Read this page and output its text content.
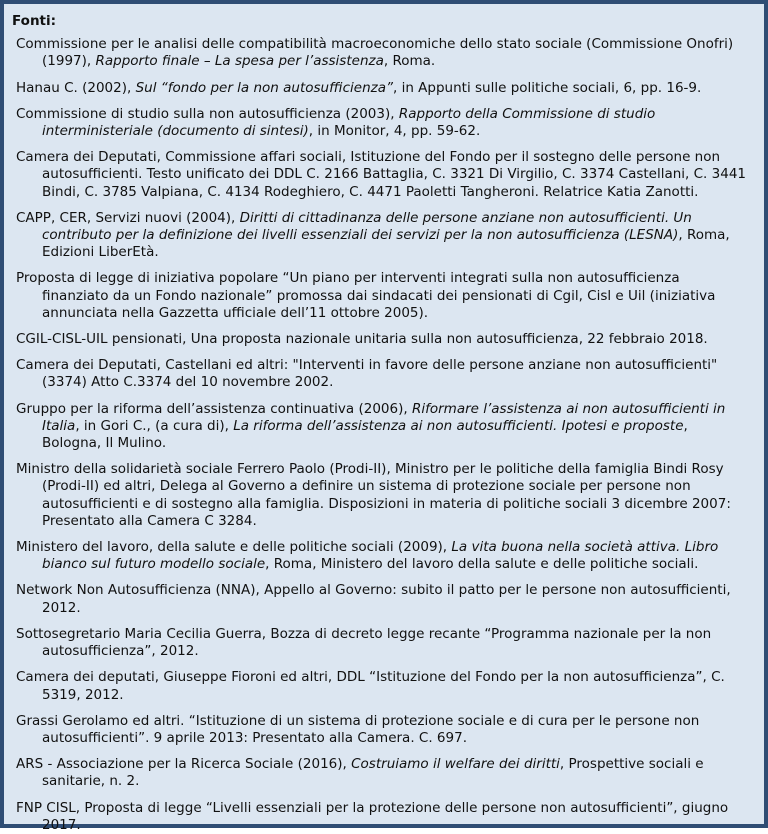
Fonti:
Commissione per le analisi delle compatibilità macroeconomiche dello stato sociale (Commissione Onofri) (1997), Rapporto finale – La spesa per l’assistenza, Roma.
Hanau C. (2002), Sul “fondo per la non autosufficienza”, in Appunti sulle politiche sociali, 6, pp. 16-9.
Commissione di studio sulla non autosufficienza (2003), Rapporto della Commissione di studio interministeriale (documento di sintesi), in Monitor, 4, pp. 59-62.
Camera dei Deputati, Commissione affari sociali, Istituzione del Fondo per il sostegno delle persone non autosufficienti. Testo unificato dei DDL C. 2166 Battaglia, C. 3321 Di Virgilio, C. 3374 Castellani, C. 3441 Bindi, C. 3785 Valpiana, C. 4134 Rodeghiero, C. 4471 Paoletti Tangheroni. Relatrice Katia Zanotti.
CAPP, CER, Servizi nuovi (2004), Diritti di cittadinanza delle persone anziane non autosufficienti. Un contributo per la definizione dei livelli essenziali dei servizi per la non autosufficienza (LESNA), Roma, Edizioni LiberEtà.
Proposta di legge di iniziativa popolare “Un piano per interventi integrati sulla non autosufficienza finanziato da un Fondo nazionale” promossa dai sindacati dei pensionati di Cgil, Cisl e Uil (iniziativa annunciata nella Gazzetta ufficiale dell’11 ottobre 2005).
CGIL-CISL-UIL pensionati, Una proposta nazionale unitaria sulla non autosufficienza, 22 febbraio 2018.
Camera dei Deputati, Castellani ed altri: "Interventi in favore delle persone anziane non autosufficienti" (3374) Atto C.3374 del 10 novembre 2002.
Gruppo per la riforma dell’assistenza continuativa (2006), Riformare l’assistenza ai non autosufficienti in Italia, in Gori C., (a cura di), La riforma dell’assistenza ai non autosufficienti. Ipotesi e proposte, Bologna, Il Mulino.
Ministro della solidarietà sociale Ferrero Paolo (Prodi-II), Ministro per le politiche della famiglia Bindi Rosy (Prodi-II) ed altri, Delega al Governo a definire un sistema di protezione sociale per persone non autosufficienti e di sostegno alla famiglia. Disposizioni in materia di politiche sociali 3 dicembre 2007: Presentato alla Camera C 3284.
Ministero del lavoro, della salute e delle politiche sociali (2009), La vita buona nella società attiva. Libro bianco sul futuro modello sociale, Roma, Ministero del lavoro della salute e delle politiche sociali.
Network Non Autosufficienza (NNA), Appello al Governo: subito il patto per le persone non autosufficienti, 2012.
Sottosegretario Maria Cecilia Guerra, Bozza di decreto legge recante “Programma nazionale per la non autosufficienza”, 2012.
Camera dei deputati, Giuseppe Fioroni ed altri, DDL “Istituzione del Fondo per la non autosufficienza”, C. 5319, 2012.
Grassi Gerolamo ed altri. “Istituzione di un sistema di protezione sociale e di cura per le persone non autosufficienti”. 9 aprile 2013: Presentato alla Camera. C. 697.
ARS - Associazione per la Ricerca Sociale (2016), Costruiamo il welfare dei diritti, Prospettive sociali e sanitarie, n. 2.
FNP CISL, Proposta di legge “Livelli essenziali per la protezione delle persone non autosufficienti”, giugno 2017.
